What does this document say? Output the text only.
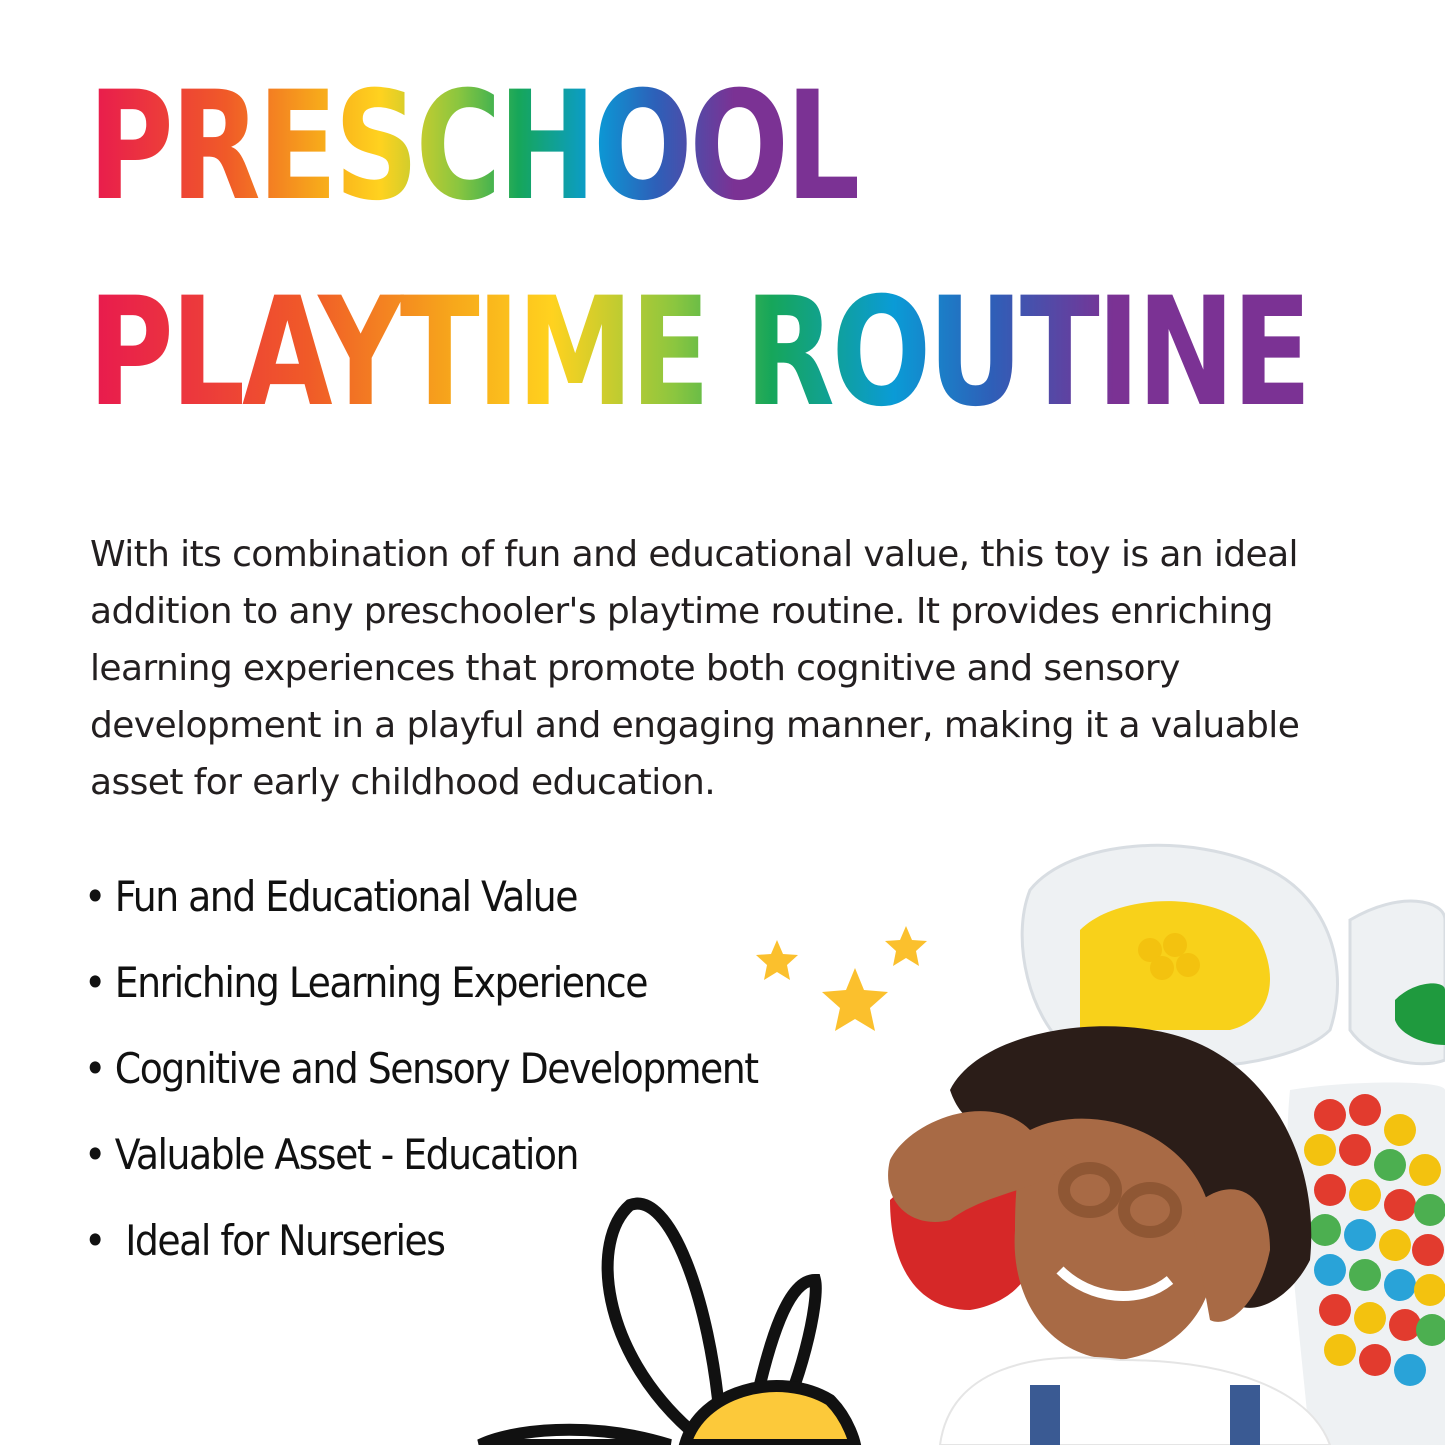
PRESCHOOL
PLAYTIME ROUTINE

With its combination of fun and educational value, this toy is an ideal addition to any preschooler's playtime routine. It provides enriching learning experiences that promote both cognitive and sensory development in a playful and engaging manner, making it a valuable asset for early childhood education.

• Fun and Educational Value
• Enriching Learning Experience
• Cognitive and Sensory Development
• Valuable Asset - Education
• Ideal for Nurseries
